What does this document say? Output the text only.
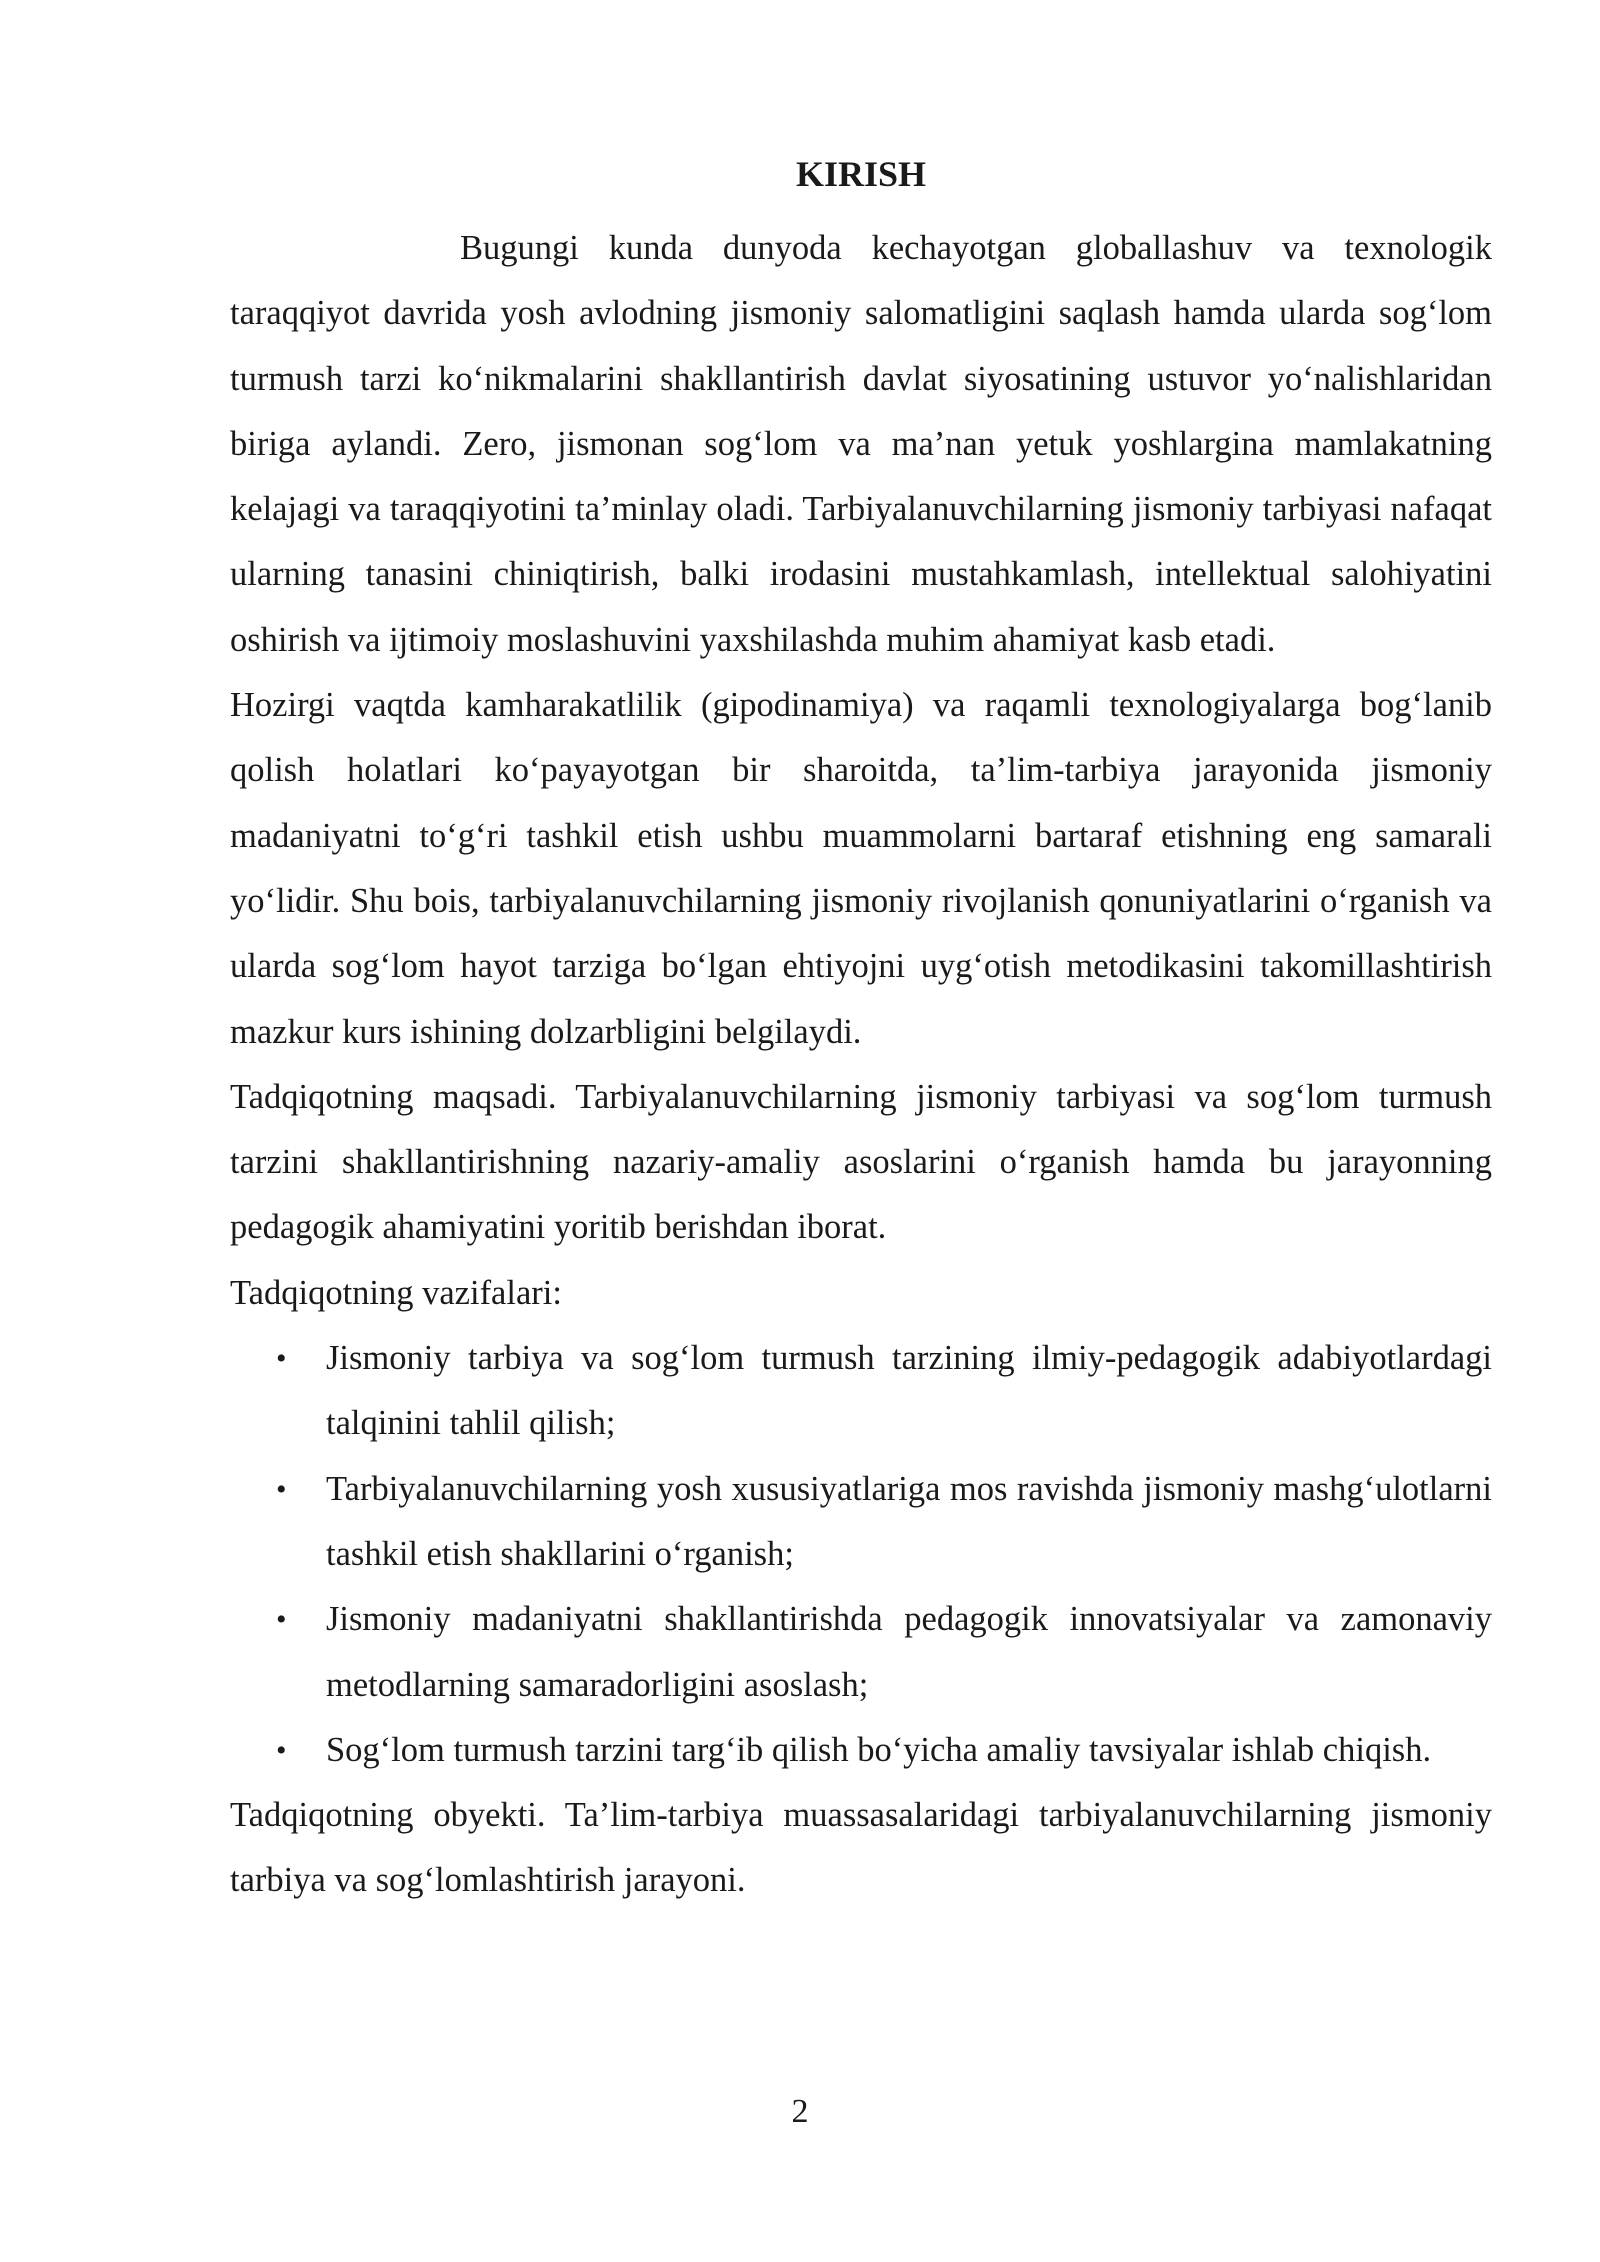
KIRISH

Bugungi kunda dunyoda kechayotgan globallashuv va texnologik taraqqiyot davrida yosh avlodning jismoniy salomatligini saqlash hamda ularda sog‘lom turmush tarzi ko‘nikmalarini shakllantirish davlat siyosatining ustuvor yo‘nalishlaridan biriga aylandi. Zero, jismonan sog‘lom va ma’nan yetuk yoshlargina mamlakatning kelajagi va taraqqiyotini ta’minlay oladi. Tarbiyalanuvchilarning jismoniy tarbiyasi nafaqat ularning tanasini chiniqtirish, balki irodasini mustahkamlash, intellektual salohiyatini oshirish va ijtimoiy moslashuvini yaxshilashda muhim ahamiyat kasb etadi.

Hozirgi vaqtda kamharakatlilik (gipodinamiya) va raqamli texnologiyalarga bog‘lanib qolish holatlari ko‘payayotgan bir sharoitda, ta’lim-tarbiya jarayonida jismoniy madaniyatni to‘g‘ri tashkil etish ushbu muammolarni bartaraf etishning eng samarali yo‘lidir. Shu bois, tarbiyalanuvchilarning jismoniy rivojlanish qonuniyatlarini o‘rganish va ularda sog‘lom hayot tarziga bo‘lgan ehtiyojni uyg‘otish metodikasini takomillashtirish mazkur kurs ishining dolzarbligini belgilaydi.

Tadqiqotning maqsadi. Tarbiyalanuvchilarning jismoniy tarbiyasi va sog‘lom turmush tarzini shakllantirishning nazariy-amaliy asoslarini o‘rganish hamda bu jarayonning pedagogik ahamiyatini yoritib berishdan iborat.

Tadqiqotning vazifalari:

• Jismoniy tarbiya va sog‘lom turmush tarzining ilmiy-pedagogik adabiyotlardagi talqinini tahlil qilish;
• Tarbiyalanuvchilarning yosh xususiyatlariga mos ravishda jismoniy mashg‘ulotlarni tashkil etish shakllarini o‘rganish;
• Jismoniy madaniyatni shakllantirishda pedagogik innovatsiyalar va zamonaviy metodlarning samaradorligini asoslash;
• Sog‘lom turmush tarzini targ‘ib qilish bo‘yicha amaliy tavsiyalar ishlab chiqish.

Tadqiqotning obyekti. Ta’lim-tarbiya muassasalaridagi tarbiyalanuvchilarning jismoniy tarbiya va sog‘lomlashtirish jarayoni.

2
